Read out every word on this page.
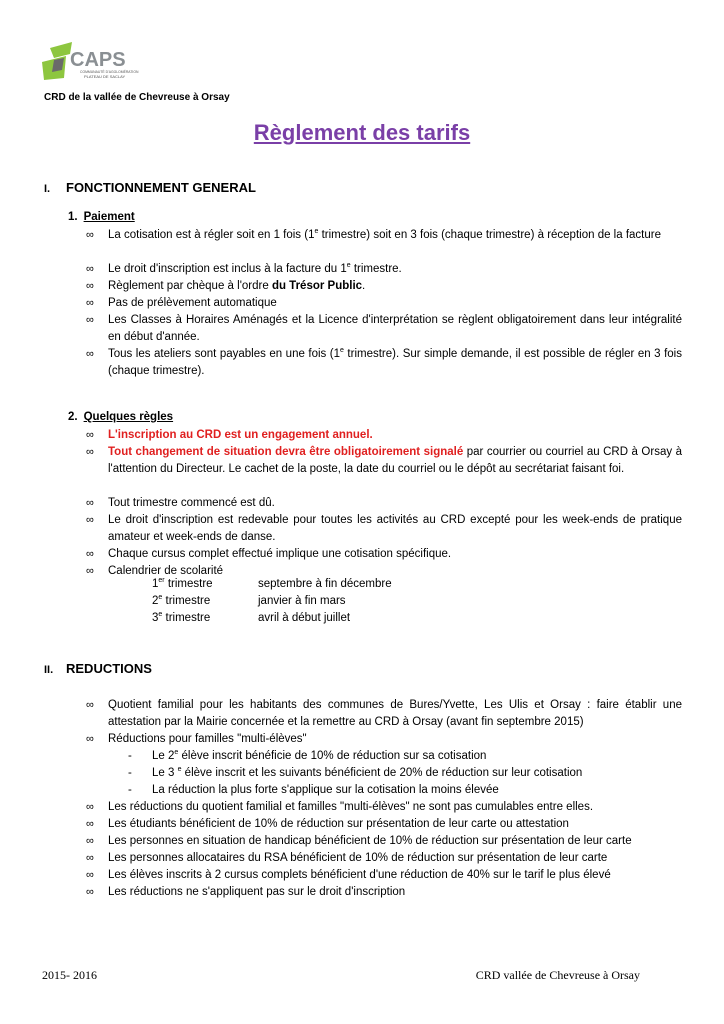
CAPS
COMMUNAUTÉ D'AGGLOMÉRATION
PLATEAU DE SACLAY
CRD de la vallée de Chevreuse à Orsay
Règlement des tarifs
I. FONCTIONNEMENT GENERAL
1. Paiement
∞ La cotisation est à régler soit en 1 fois (1e trimestre) soit en 3 fois (chaque trimestre) à réception de la facture
∞ Le droit d'inscription est inclus à la facture du 1e trimestre.
∞ Règlement par chèque à l'ordre du Trésor Public.
∞ Pas de prélèvement automatique
∞ Les Classes à Horaires Aménagés et la Licence d'interprétation se règlent obligatoirement dans leur intégralité en début d'année.
∞ Tous les ateliers sont payables en une fois (1e trimestre). Sur simple demande, il est possible de régler en 3 fois (chaque trimestre).
2. Quelques règles
∞ L'inscription au CRD est un engagement annuel.
∞ Tout changement de situation devra être obligatoirement signalé par courrier ou courriel au CRD à Orsay à l'attention du Directeur. Le cachet de la poste, la date du courriel ou le dépôt au secrétariat faisant foi.
∞ Tout trimestre commencé est dû.
∞ Le droit d'inscription est redevable pour toutes les activités au CRD excepté pour les week-ends de pratique amateur et week-ends de danse.
∞ Chaque cursus complet effectué implique une cotisation spécifique.
∞ Calendrier de scolarité
1er trimestre	septembre à fin décembre
2e trimestre	janvier à fin mars
3e trimestre	avril à début juillet
II. REDUCTIONS
∞ Quotient familial pour les habitants des communes de Bures/Yvette, Les Ulis et Orsay : faire établir une attestation par la Mairie concernée et la remettre au CRD à Orsay (avant fin septembre 2015)
∞ Réductions pour familles "multi-élèves"
- Le 2e élève inscrit bénéficie de 10% de réduction sur sa cotisation
- Le 3 $^e$ élève inscrit et les suivants bénéficient de 20% de réduction sur leur cotisation
- La réduction la plus forte s'applique sur la cotisation la moins élevée
∞ Les réductions du quotient familial et familles "multi-élèves" ne sont pas cumulables entre elles.
∞ Les étudiants bénéficient de 10% de réduction sur présentation de leur carte ou attestation
∞ Les personnes en situation de handicap bénéficient de 10% de réduction sur présentation de leur carte
∞ Les personnes allocataires du RSA bénéficient de 10% de réduction sur présentation de leur carte
∞ Les élèves inscrits à 2 cursus complets bénéficient d'une réduction de 40% sur le tarif le plus élevé
∞ Les réductions ne s'appliquent pas sur le droit d'inscription
2015- 2016	CRD vallée de Chevreuse à Orsay
